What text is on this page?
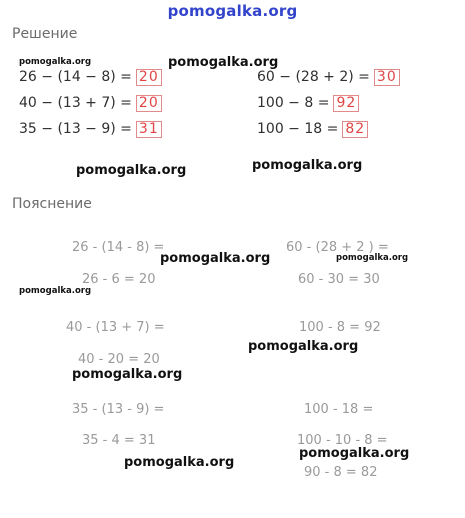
pomogalka.org
Решение
pomogalka.org	pomogalka.org
26 − (14 − 8) = 20
40 − (13 + 7) = 20
35 − (13 − 9) = 31
60 − (28 + 2) = 30
100 − 8 = 92
100 − 18 = 82
pomogalka.org	pomogalka.org
Пояснение
26 - (14 - 8) =
26 - 6 = 20
pomogalka.org
pomogalka.org
60 - (28 + 2 ) =
pomogalka.org
60 - 30 = 30
40 - (13 + 7) =
40 - 20 = 20
pomogalka.org
100 - 8 = 92
pomogalka.org
35 - (13 - 9) =
35 - 4 = 31
pomogalka.org
100 - 18 =
100 - 10 - 8 =
pomogalka.org
90 - 8 = 82
